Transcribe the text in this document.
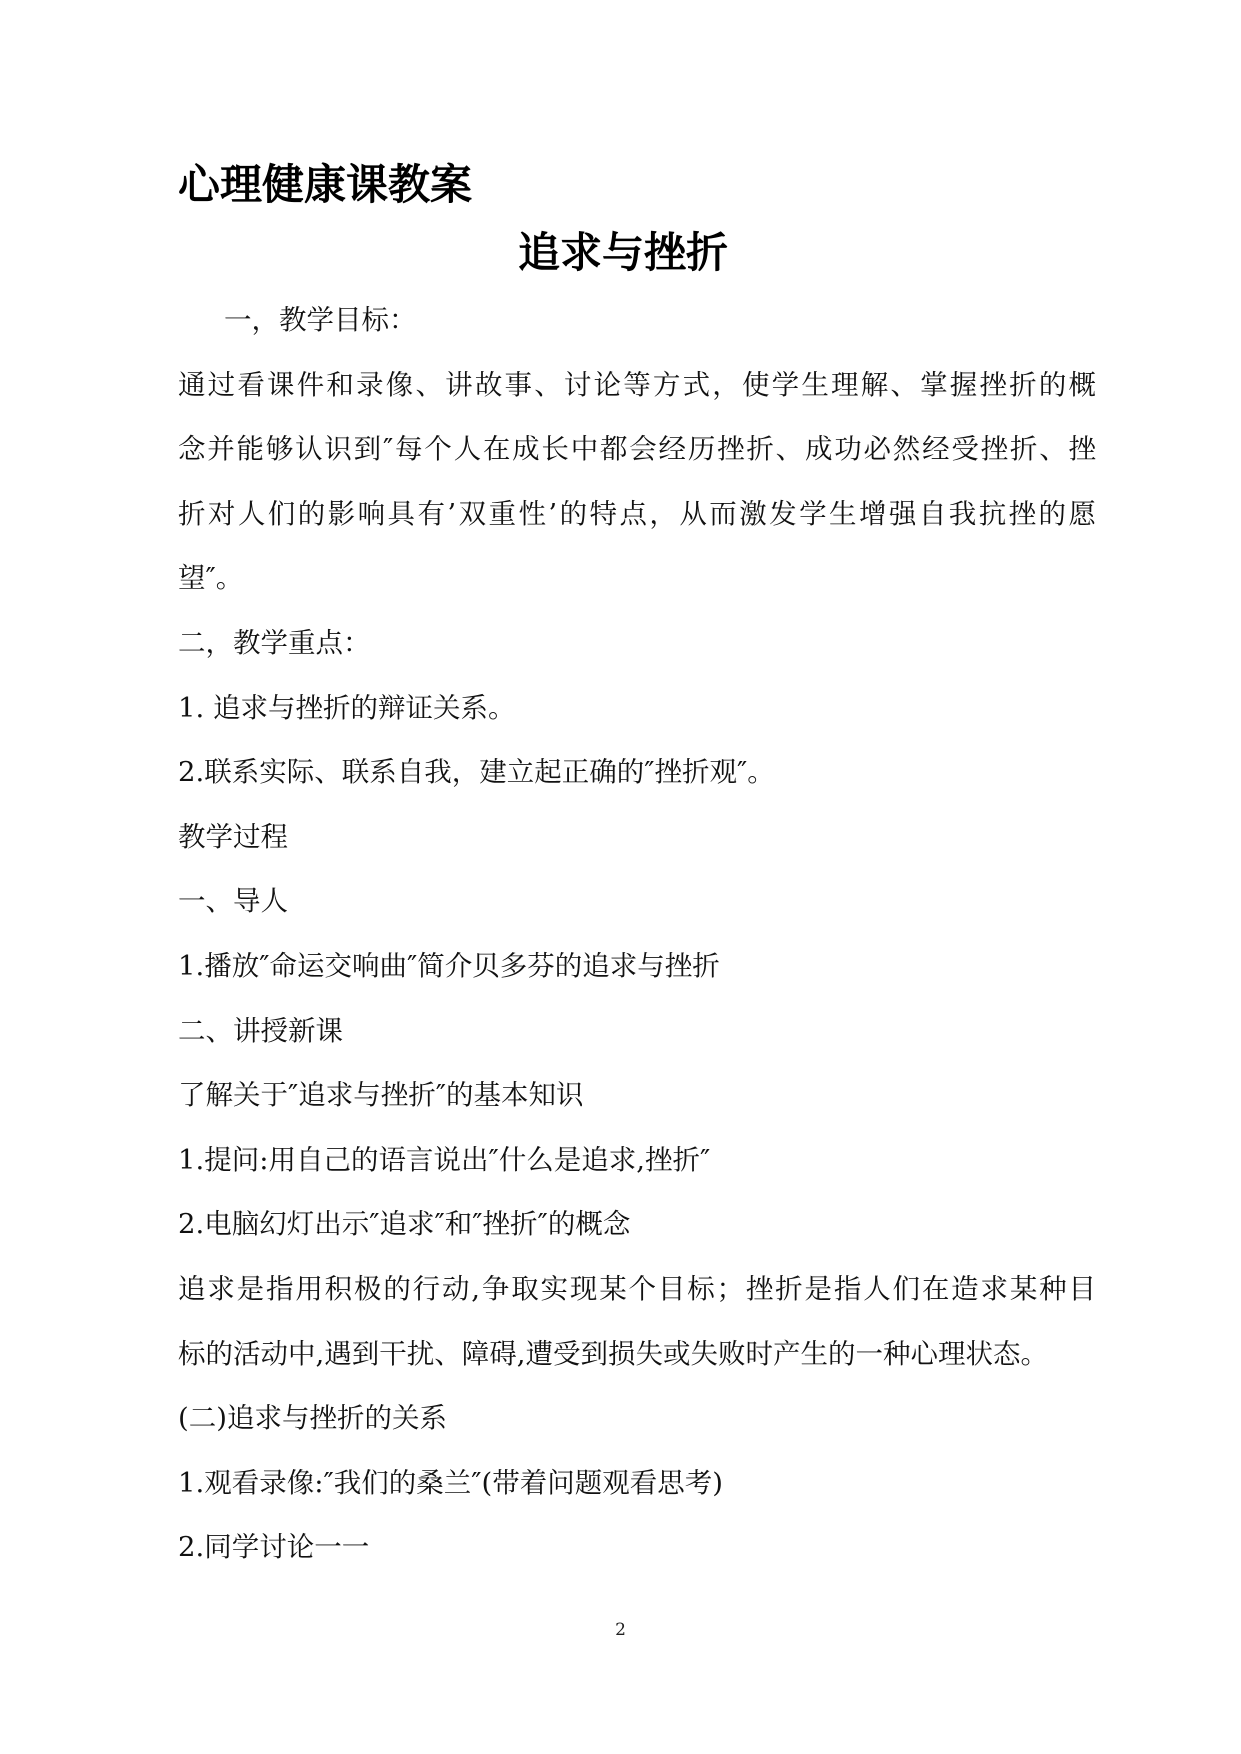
心理健康课教案
追求与挫折
一，教学目标：
通过看课件和录像、讲故事、讨论等方式，使学生理解、掌握挫折的概
念并能够认识到″每个人在成长中都会经历挫折、成功必然经受挫折、挫
折对人们的影响具有’双重性’的特点，从而激发学生增强自我抗挫的愿
望″。
二，教学重点：
1. 追求与挫折的辩证关系。
2.联系实际、联系自我，建立起正确的″挫折观″。
教学过程
一、导人
1.播放″命运交响曲″简介贝多芬的追求与挫折
二、讲授新课
了解关于″追求与挫折″的基本知识
1.提问:用自己的语言说出″什么是追求,挫折″
2.电脑幻灯出示″追求″和″挫折″的概念
追求是指用积极的行动,争取实现某个目标；挫折是指人们在造求某种目
标的活动中,遇到干扰、障碍,遭受到损失或失败时产生的一种心理状态。
(二)追求与挫折的关系
1.观看录像:″我们的桑兰″(带着问题观看思考)
2.同学讨论一一
2
